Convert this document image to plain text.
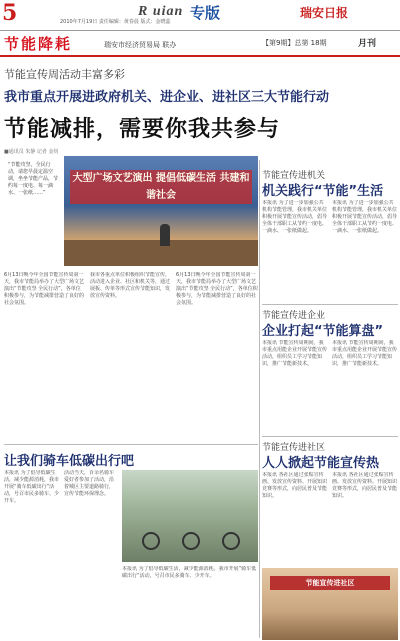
5	2010年7月19日 责任编辑：黄春晨 版式：金晓蕊
R uian 专版	瑞安日报
节能降耗	瑞安市经济贸易局 联办	【第9期】总第 18期	月刊
节能宣传周活动丰富多彩
我市重点开展进政府机关、进企业、进社区三大节能行动
节能减排，需要你我共参与
■通讯员 朱静 记者 金钊
“节能攻坚，全民行动，请您早晨定温空调，坐坐节能产品，节约每一度电、每一滴水、一张纸……”
大型广场文艺演出 提倡低碳生活 共建和谐社会
6月13日晚今年全国节能宣传周第一天，我市节能局举办了大型广场文艺演出“节能攻坚 全民行动”，各单位积极参与，为节能减排营造了良好的社会氛围。
我市各重点单位积极组织节能宣传，活动进入企业、社区和机关等，通过展板、传单等形式宣传节能知识，发放宣传资料。
6月13日晚今年全国节能宣传周第一天，我市节能局举办了大型广场文艺演出“节能攻坚 全民行动”，各单位积极参与，为节能减排营造了良好的社会氛围。
让我们骑车低碳出行吧
本报讯 为了倡导低碳生活，减少能源消耗，我市开展“骑车低碳出行”活动，号召市民多骑车、少开车。
活动当天，百余名骑车爱好者参加了活动，沿着城区主要道路骑行，宣传节能环保理念。
本报讯 为了倡导低碳生活，减少能源消耗，我市开展“骑车低碳出行”活动，号召市民多骑车、少开车。
节能宣传进机关
机关践行“节能”生活
本报讯 为了进一步加强公共机构节能管理，我市机关单位积极开展节能宣传活动，倡导全体干部职工从节约一度电、一滴水、一张纸做起。
本报讯 为了进一步加强公共机构节能管理，我市机关单位积极开展节能宣传活动，倡导全体干部职工从节约一度电、一滴水、一张纸做起。
节能宣传进企业
企业打起“节能算盘”
本报讯 节能宣传周期间，我市重点用能企业开展节能宣传活动，组织员工学习节能知识，推广节能新技术。
本报讯 节能宣传周期间，我市重点用能企业开展节能宣传活动，组织员工学习节能知识，推广节能新技术。
节能宣传进社区
人人掀起节能宣传热
本报讯 各社区通过张贴宣传画、发放宣传资料、开展知识竞赛等形式，向居民普及节能知识。
本报讯 各社区通过张贴宣传画、发放宣传资料、开展知识竞赛等形式，向居民普及节能知识。
节能宣传进社区
